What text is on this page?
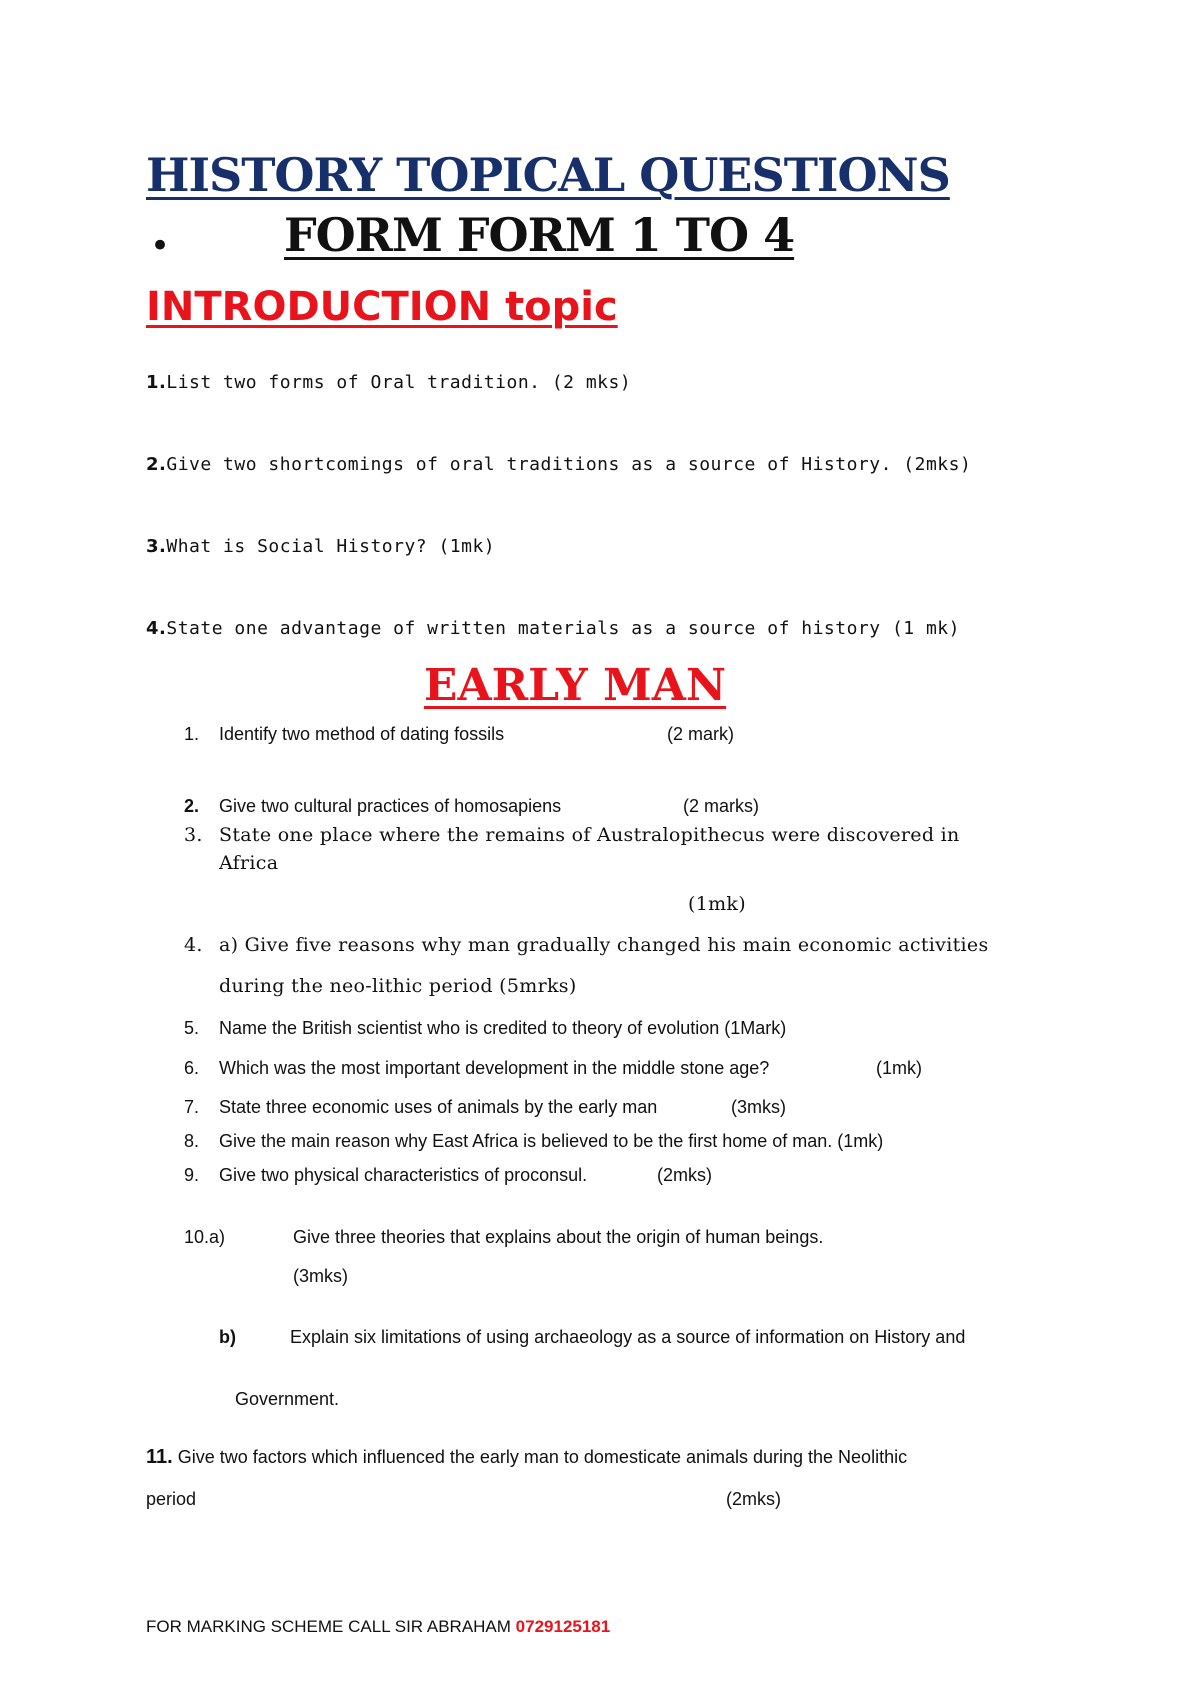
HISTORY TOPICAL QUESTIONS
• FORM FORM 1 TO 4
INTRODUCTION topic
1.List two forms of Oral tradition. (2 mks)
2.Give two shortcomings of oral traditions as a source of History. (2mks)
3.What is Social History? (1mk)
4.State one advantage of written materials as a source of history (1 mk)
EARLY MAN
1. Identify two method of dating fossils	(2 mark)
2. Give two cultural practices of homosapiens	(2 marks)
3. State one place where the remains of Australopithecus were discovered in
Africa
(1mk)
4. a) Give five reasons why man gradually changed his main economic activities
during the neo-lithic period (5mrks)
5. Name the British scientist who is credited to theory of evolution (1Mark)
6. Which was the most important development in the middle stone age?	(1mk)
7. State three economic uses of animals by the early man	(3mks)
8. Give the main reason why East Africa is believed to be the first home of man. (1mk)
9. Give two physical characteristics of proconsul.	(2mks)
10.a)	Give three theories that explains about the origin of human beings.
(3mks)
b)	Explain six limitations of using archaeology as a source of information on History and
Government.
11. Give two factors which influenced the early man to domesticate animals during the Neolithic
period	(2mks)
FOR MARKING SCHEME CALL SIR ABRAHAM 0729125181
